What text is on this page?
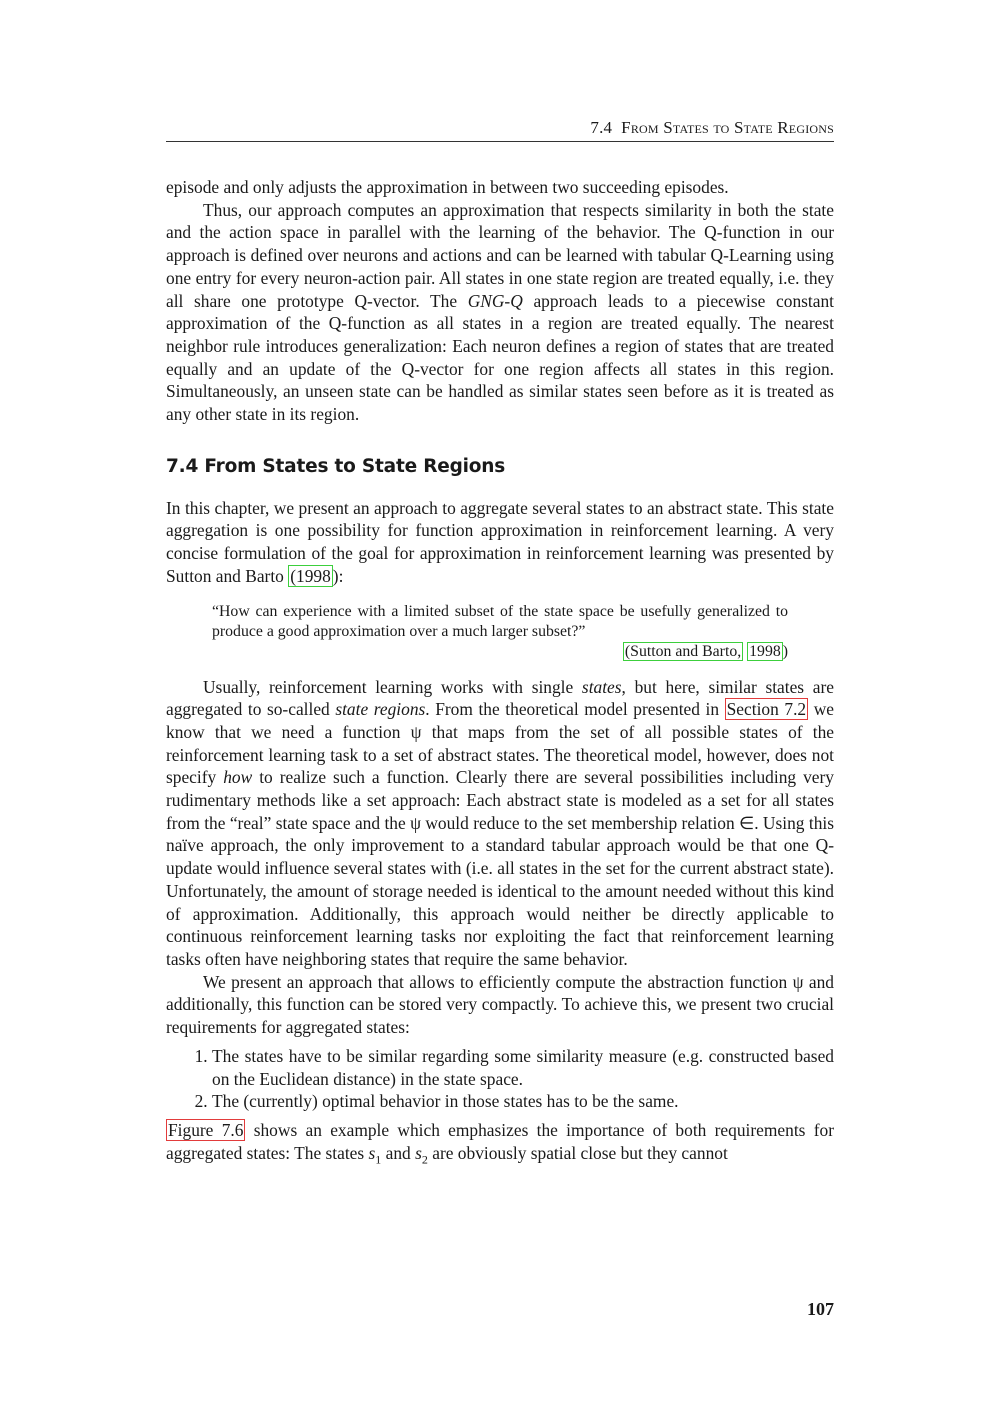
7.4 From States to State Regions

episode and only adjusts the approximation in between two succeeding episodes.

Thus, our approach computes an approximation that respects similarity in both the state and the action space in parallel with the learning of the behavior. The Q-function in our approach is defined over neurons and actions and can be learned with tabular Q-Learning using one entry for every neuron-action pair. All states in one state region are treated equally, i.e. they all share one prototype Q-vector. The GNG-Q approach leads to a piecewise constant approximation of the Q-function as all states in a region are treated equally. The nearest neighbor rule introduces generalization: Each neuron defines a region of states that are treated equally and an update of the Q-vector for one region affects all states in this region. Simultaneously, an unseen state can be handled as similar states seen before as it is treated as any other state in its region.

7.4 From States to State Regions

In this chapter, we present an approach to aggregate several states to an abstract state. This state aggregation is one possibility for function approximation in reinforcement learning. A very concise formulation of the goal for approximation in reinforcement learning was presented by Sutton and Barto (1998 ):

“How can experience with a limited subset of the state space be usefully generalized to produce a good approximation over a much larger subset?”
(Sutton and Barto, 1998 )

Usually, reinforcement learning works with single states, but here, similar states are aggregated to so-called state regions. From the theoretical model presented in Section 7.2 we know that we need a function ψ that maps from the set of all possible states of the reinforcement learning task to a set of abstract states. The theoretical model, however, does not specify how to realize such a function. Clearly there are several possibilities including very rudimentary methods like a set approach: Each abstract state is modeled as a set for all states from the “real” state space and the ψ would reduce to the set membership relation ∈. Using this naïve approach, the only improvement to a standard tabular approach would be that one Q-update would influence several states with (i.e. all states in the set for the current abstract state). Unfortunately, the amount of storage needed is identical to the amount needed without this kind of approximation. Additionally, this approach would neither be directly applicable to continuous reinforcement learning tasks nor exploiting the fact that reinforcement learning tasks often have neighboring states that require the same behavior.

We present an approach that allows to efficiently compute the abstraction function ψ and additionally, this function can be stored very compactly. To achieve this, we present two crucial requirements for aggregated states:

1. The states have to be similar regarding some similarity measure (e.g. constructed based on the Euclidean distance) in the state space.
2. The (currently) optimal behavior in those states has to be the same.

Figure 7.6 shows an example which emphasizes the importance of both requirements for aggregated states: The states $s_1$ and $s_2$ are obviously spatial close but they cannot

107
